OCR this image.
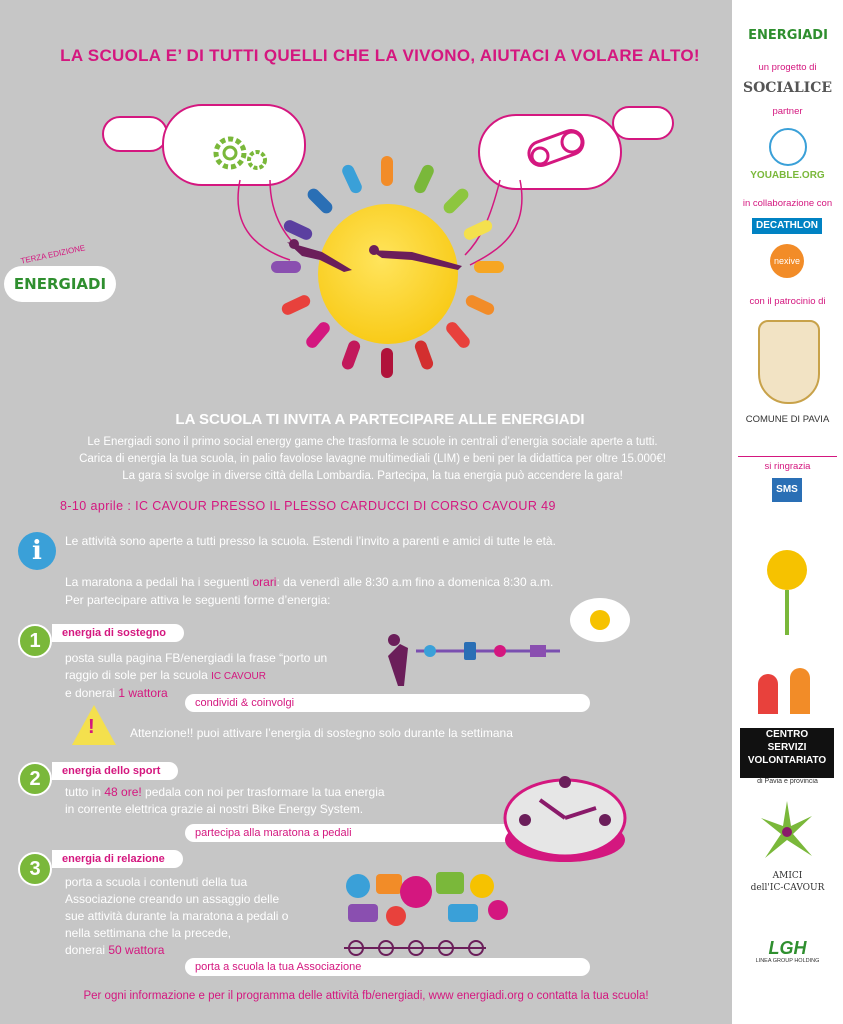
LA SCUOLA E’ DI TUTTI QUELLI CHE LA VIVONO, AIUTACI A VOLARE ALTO!
TERZA EDIZIONE
ENERGIADI
LA SCUOLA TI INVITA A PARTECIPARE ALLE ENERGIADI
Le Energiadi sono il primo social energy game che trasforma le scuole in centrali d’energia sociale aperte a tutti.
Carica di energia la tua scuola, in palio favolose lavagne multimediali (LIM) e beni per la didattica per oltre 15.000€!
La gara si svolge in diverse città della Lombardia. Partecipa, la tua energia può accendere la gara!
8-10 aprile : IC CAVOUR PRESSO IL PLESSO CARDUCCI DI CORSO CAVOUR 49
i	Le attività sono aperte a tutti presso la scuola. Estendi l’invito a parenti e amici di tutte le età.
La maratona a pedali ha i seguenti orari: da venerdì alle 8:30 a.m fino a domenica 8:30 a.m.
Per partecipare attiva le seguenti forme d’energia:
1	energia di sostegno
posta sulla pagina FB/energiadi la frase “porto un
raggio di sole per la scuola IC CAVOUR
e donerai 1 wattora
condividi & coinvolgi
!	Attenzione!! puoi attivare l’energia di sostegno solo durante la settimana
2	energia dello sport
tutto in 48 ore! pedala con noi per trasformare la tua energia
in corrente elettrica grazie ai nostri Bike Energy System.
partecipa alla maratona a pedali
3	energia di relazione
porta a scuola i contenuti della tua
Associazione creando un assaggio delle
sue attività durante la maratona a pedali o
nella settimana che la precede,
donerai 50 wattora
porta a scuola la tua Associazione
Per ogni informazione e per il programma delle attività fb/energiadi, www energiadi.org o contatta la tua scuola!
ENERGIADI
un progetto di
SOCIALICE
partner
YOUABLE.ORG
in collaborazione con
DECATHLON
nexive
con il patrocinio di
COMUNE DI PAVIA
si ringrazia
SMS
CENTRO
SERVIZI
VOLONTARIATO
di Pavia e provincia
AMICI
dell'IC-CAVOUR
LGH
LINEA GROUP HOLDING
